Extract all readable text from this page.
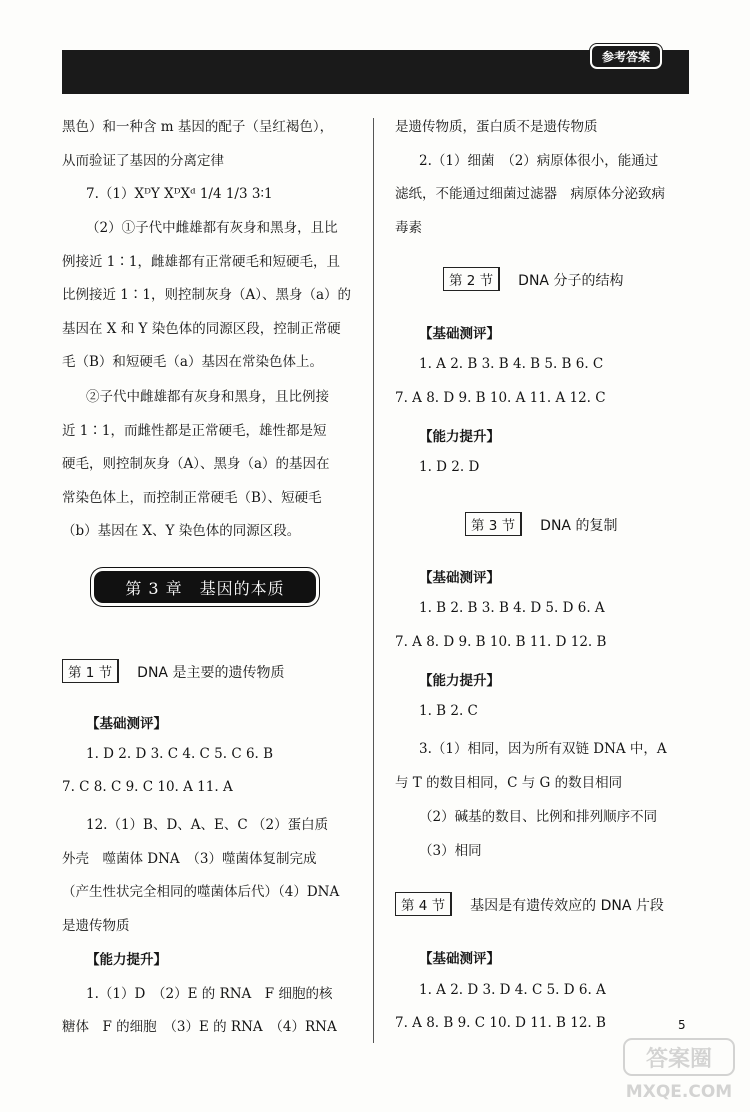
参考答案
黑色）和一种含 m 基因的配子（呈红褐色），
从而验证了基因的分离定律
7.（1）XᴰY XᴰXᵈ 1/4 1/3 3∶1
（2）①子代中雌雄都有灰身和黑身，且比
例接近 1∶1，雌雄都有正常硬毛和短硬毛，且
比例接近 1∶1，则控制灰身（A）、黑身（a）的
基因在 X 和 Y 染色体的同源区段，控制正常硬
毛（B）和短硬毛（a）基因在常染色体上。
②子代中雌雄都有灰身和黑身，且比例接
近 1∶1，而雌性都是正常硬毛，雄性都是短
硬毛，则控制灰身（A）、黑身（a）的基因在
常染色体上，而控制正常硬毛（B）、短硬毛
（b）基因在 X、Y 染色体的同源区段。
第 3 章　基因的本质
第 1 节 DNA 是主要的遗传物质
【基础测评】
1. D 2. D 3. C 4. C 5. C 6. B
7. C 8. C 9. C 10. A 11. A
12.（1）B、D、A、E、C （2）蛋白质
外壳　噬菌体 DNA　（3）噬菌体复制完成
（产生性状完全相同的噬菌体后代）（4）DNA
是遗传物质
【能力提升】
1.（1）D　（2）E 的 RNA　F 细胞的核
糖体　F 的细胞　（3）E 的 RNA　（4）RNA
是遗传物质，蛋白质不是遗传物质
2.（1）细菌　（2）病原体很小，能通过
滤纸，不能通过细菌过滤器　病原体分泌致病
毒素
第 2 节 DNA 分子的结构
【基础测评】
1. A 2. B 3. B 4. B 5. B 6. C
7. A 8. D 9. B 10. A 11. A 12. C
【能力提升】
1. D 2. D
第 3 节 DNA 的复制
【基础测评】
1. B 2. B 3. B 4. D 5. D 6. A
7. A 8. D 9. B 10. B 11. D 12. B
【能力提升】
1. B 2. C
3.（1）相同，因为所有双链 DNA 中，A
与 T 的数目相同，C 与 G 的数目相同
（2）碱基的数目、比例和排列顺序不同
（3）相同
第 4 节 基因是有遗传效应的 DNA 片段
【基础测评】
1. A 2. D 3. D 4. C 5. D 6. A
7. A 8. B 9. C 10. D 11. B 12. B	5
答案圈
MXQE.COM
